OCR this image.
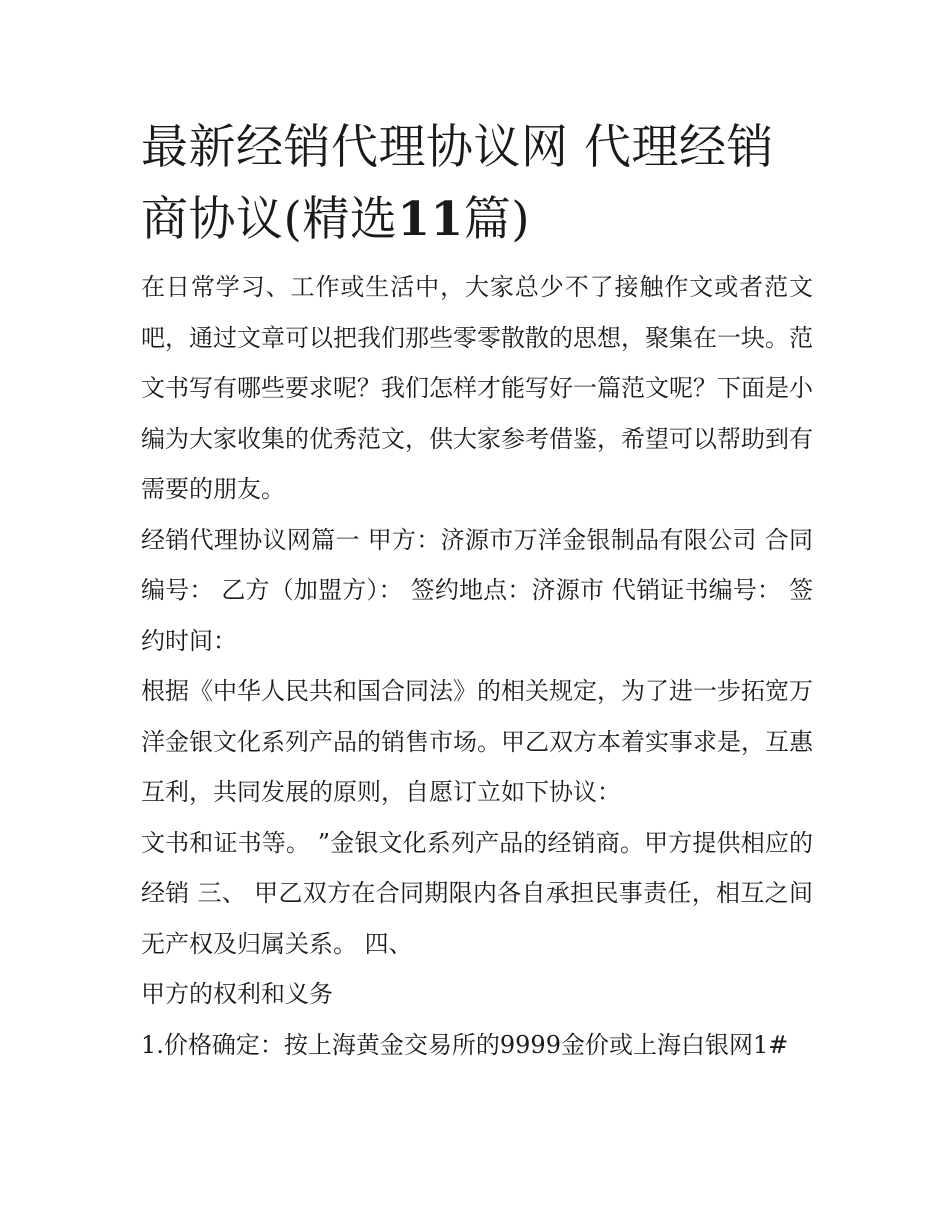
最新经销代理协议网 代理经销
商协议(精选11篇)

在日常学习、工作或生活中，大家总少不了接触作文或者范文吧，通过文章可以把我们那些零零散散的思想，聚集在一块。范文书写有哪些要求呢？我们怎样才能写好一篇范文呢？下面是小编为大家收集的优秀范文，供大家参考借鉴，希望可以帮助到有需要的朋友。

经销代理协议网篇一 甲方：济源市万洋金银制品有限公司 合同编号： 乙方（加盟方）： 签约地点：济源市 代销证书编号： 签约时间：

根据《中华人民共和国合同法》的相关规定，为了进一步拓宽万洋金银文化系列产品的销售市场。甲乙双方本着实事求是，互惠互利，共同发展的原则，自愿订立如下协议：

文书和证书等。 ”金银文化系列产品的经销商。甲方提供相应的经销 三、 甲乙双方在合同期限内各自承担民事责任，相互之间无产权及归属关系。 四、

甲方的权利和义务

1.价格确定：按上海黄金交易所的9999金价或上海白银网1#
